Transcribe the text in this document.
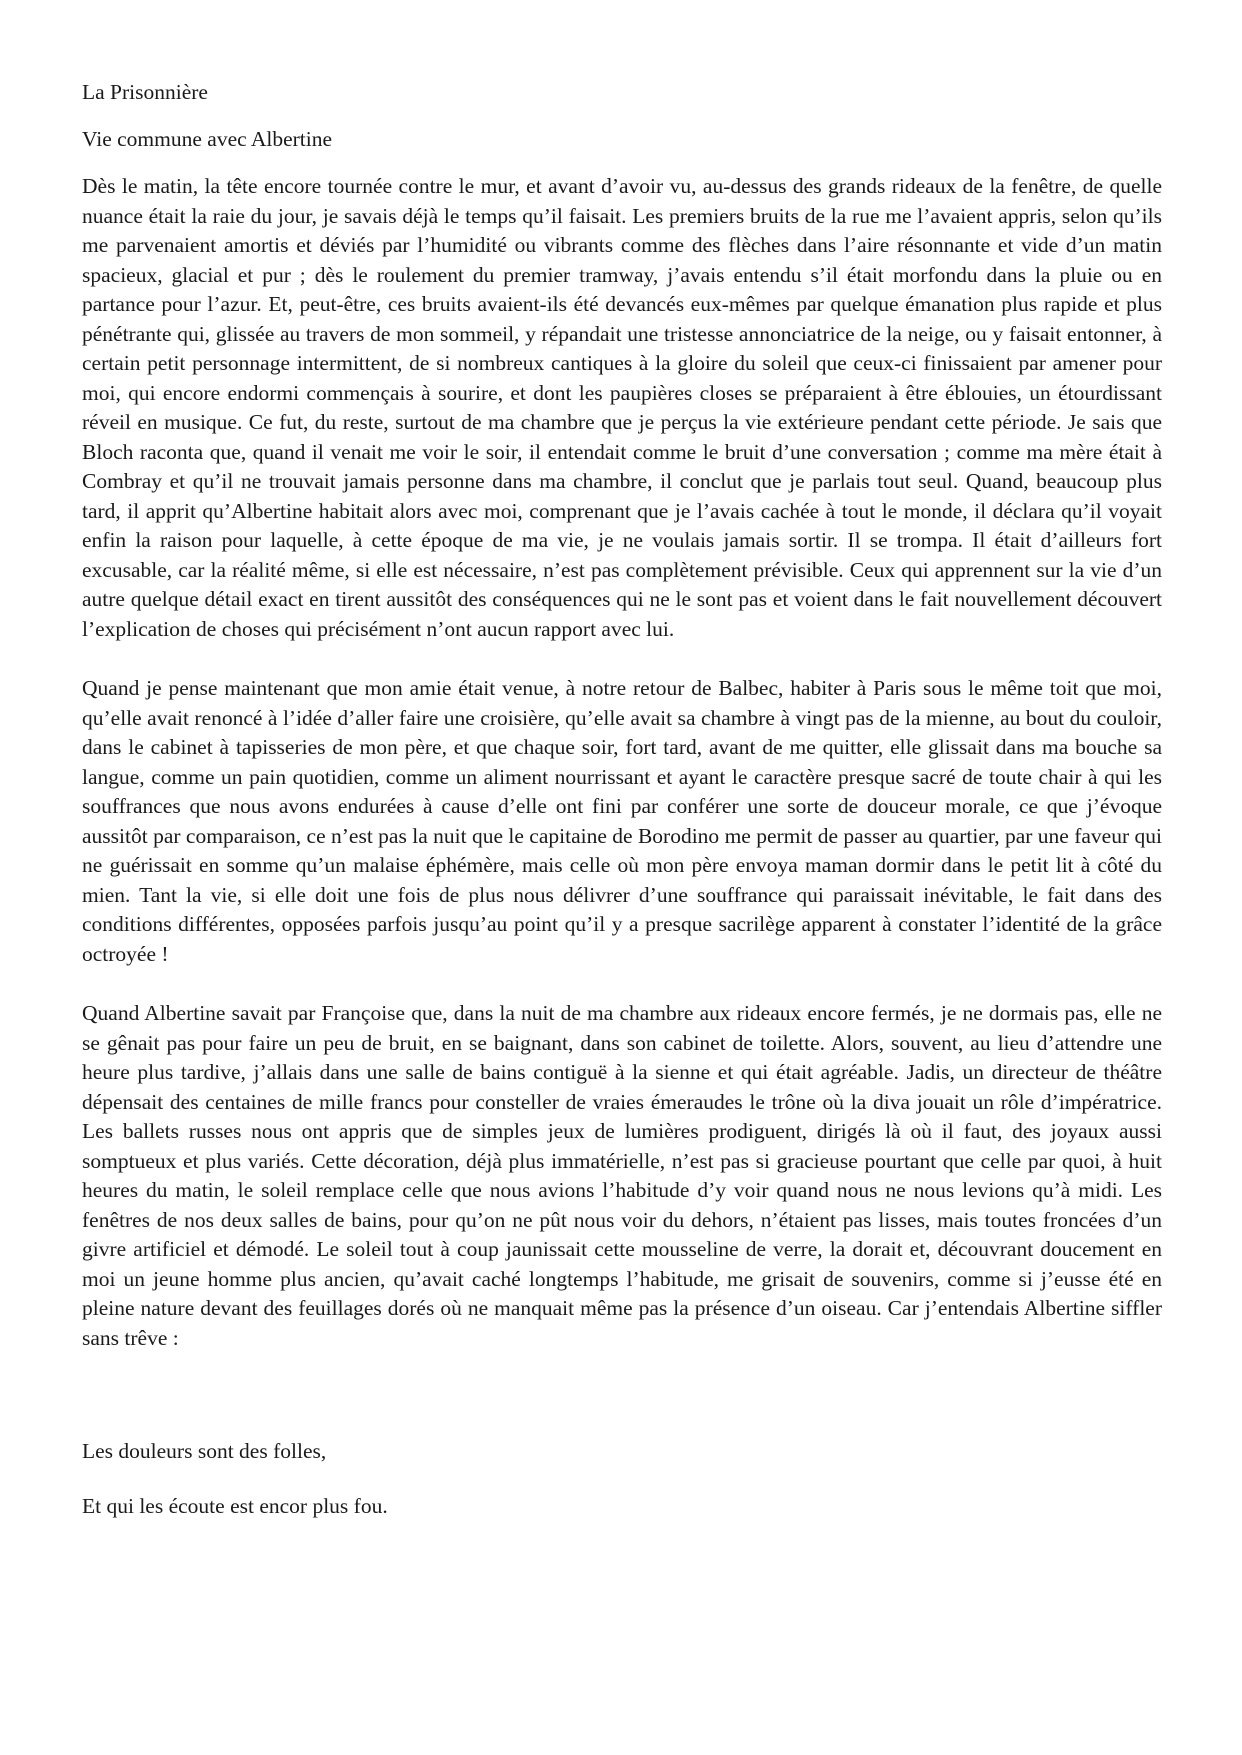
La Prisonnière
Vie commune avec Albertine

Dès le matin, la tête encore tournée contre le mur, et avant d’avoir vu, au-dessus des grands rideaux de la fenêtre, de quelle nuance était la raie du jour, je savais déjà le temps qu’il faisait. Les premiers bruits de la rue me l’avaient appris, selon qu’ils me parvenaient amortis et déviés par l’humidité ou vibrants comme des flèches dans l’aire résonnante et vide d’un matin spacieux, glacial et pur ; dès le roulement du premier tramway, j’avais entendu s’il était morfondu dans la pluie ou en partance pour l’azur. Et, peut-être, ces bruits avaient-ils été devancés eux-mêmes par quelque émanation plus rapide et plus pénétrante qui, glissée au travers de mon sommeil, y répandait une tristesse annonciatrice de la neige, ou y faisait entonner, à certain petit personnage intermittent, de si nombreux cantiques à la gloire du soleil que ceux-ci finissaient par amener pour moi, qui encore endormi commençais à sourire, et dont les paupières closes se préparaient à être éblouies, un étourdissant réveil en musique. Ce fut, du reste, surtout de ma chambre que je perçus la vie extérieure pendant cette période. Je sais que Bloch raconta que, quand il venait me voir le soir, il entendait comme le bruit d’une conversation ; comme ma mère était à Combray et qu’il ne trouvait jamais personne dans ma chambre, il conclut que je parlais tout seul. Quand, beaucoup plus tard, il apprit qu’Albertine habitait alors avec moi, comprenant que je l’avais cachée à tout le monde, il déclara qu’il voyait enfin la raison pour laquelle, à cette époque de ma vie, je ne voulais jamais sortir. Il se trompa. Il était d’ailleurs fort excusable, car la réalité même, si elle est nécessaire, n’est pas complètement prévisible. Ceux qui apprennent sur la vie d’un autre quelque détail exact en tirent aussitôt des conséquences qui ne le sont pas et voient dans le fait nouvellement découvert l’explication de choses qui précisément n’ont aucun rapport avec lui.

Quand je pense maintenant que mon amie était venue, à notre retour de Balbec, habiter à Paris sous le même toit que moi, qu’elle avait renoncé à l’idée d’aller faire une croisière, qu’elle avait sa chambre à vingt pas de la mienne, au bout du couloir, dans le cabinet à tapisseries de mon père, et que chaque soir, fort tard, avant de me quitter, elle glissait dans ma bouche sa langue, comme un pain quotidien, comme un aliment nourrissant et ayant le caractère presque sacré de toute chair à qui les souffrances que nous avons endurées à cause d’elle ont fini par conférer une sorte de douceur morale, ce que j’évoque aussitôt par comparaison, ce n’est pas la nuit que le capitaine de Borodino me permit de passer au quartier, par une faveur qui ne guérissait en somme qu’un malaise éphémère, mais celle où mon père envoya maman dormir dans le petit lit à côté du mien. Tant la vie, si elle doit une fois de plus nous délivrer d’une souffrance qui paraissait inévitable, le fait dans des conditions différentes, opposées parfois jusqu’au point qu’il y a presque sacrilège apparent à constater l’identité de la grâce octroyée !

Quand Albertine savait par Françoise que, dans la nuit de ma chambre aux rideaux encore fermés, je ne dormais pas, elle ne se gênait pas pour faire un peu de bruit, en se baignant, dans son cabinet de toilette. Alors, souvent, au lieu d’attendre une heure plus tardive, j’allais dans une salle de bains contiguë à la sienne et qui était agréable. Jadis, un directeur de théâtre dépensait des centaines de mille francs pour consteller de vraies émeraudes le trône où la diva jouait un rôle d’impératrice. Les ballets russes nous ont appris que de simples jeux de lumières prodiguent, dirigés là où il faut, des joyaux aussi somptueux et plus variés. Cette décoration, déjà plus immatérielle, n’est pas si gracieuse pourtant que celle par quoi, à huit heures du matin, le soleil remplace celle que nous avions l’habitude d’y voir quand nous ne nous levions qu’à midi. Les fenêtres de nos deux salles de bains, pour qu’on ne pût nous voir du dehors, n’étaient pas lisses, mais toutes froncées d’un givre artificiel et démodé. Le soleil tout à coup jaunissait cette mousseline de verre, la dorait et, découvrant doucement en moi un jeune homme plus ancien, qu’avait caché longtemps l’habitude, me grisait de souvenirs, comme si j’eusse été en pleine nature devant des feuillages dorés où ne manquait même pas la présence d’un oiseau. Car j’entendais Albertine siffler sans trêve :

Les douleurs sont des folles,
Et qui les écoute est encor plus fou.
